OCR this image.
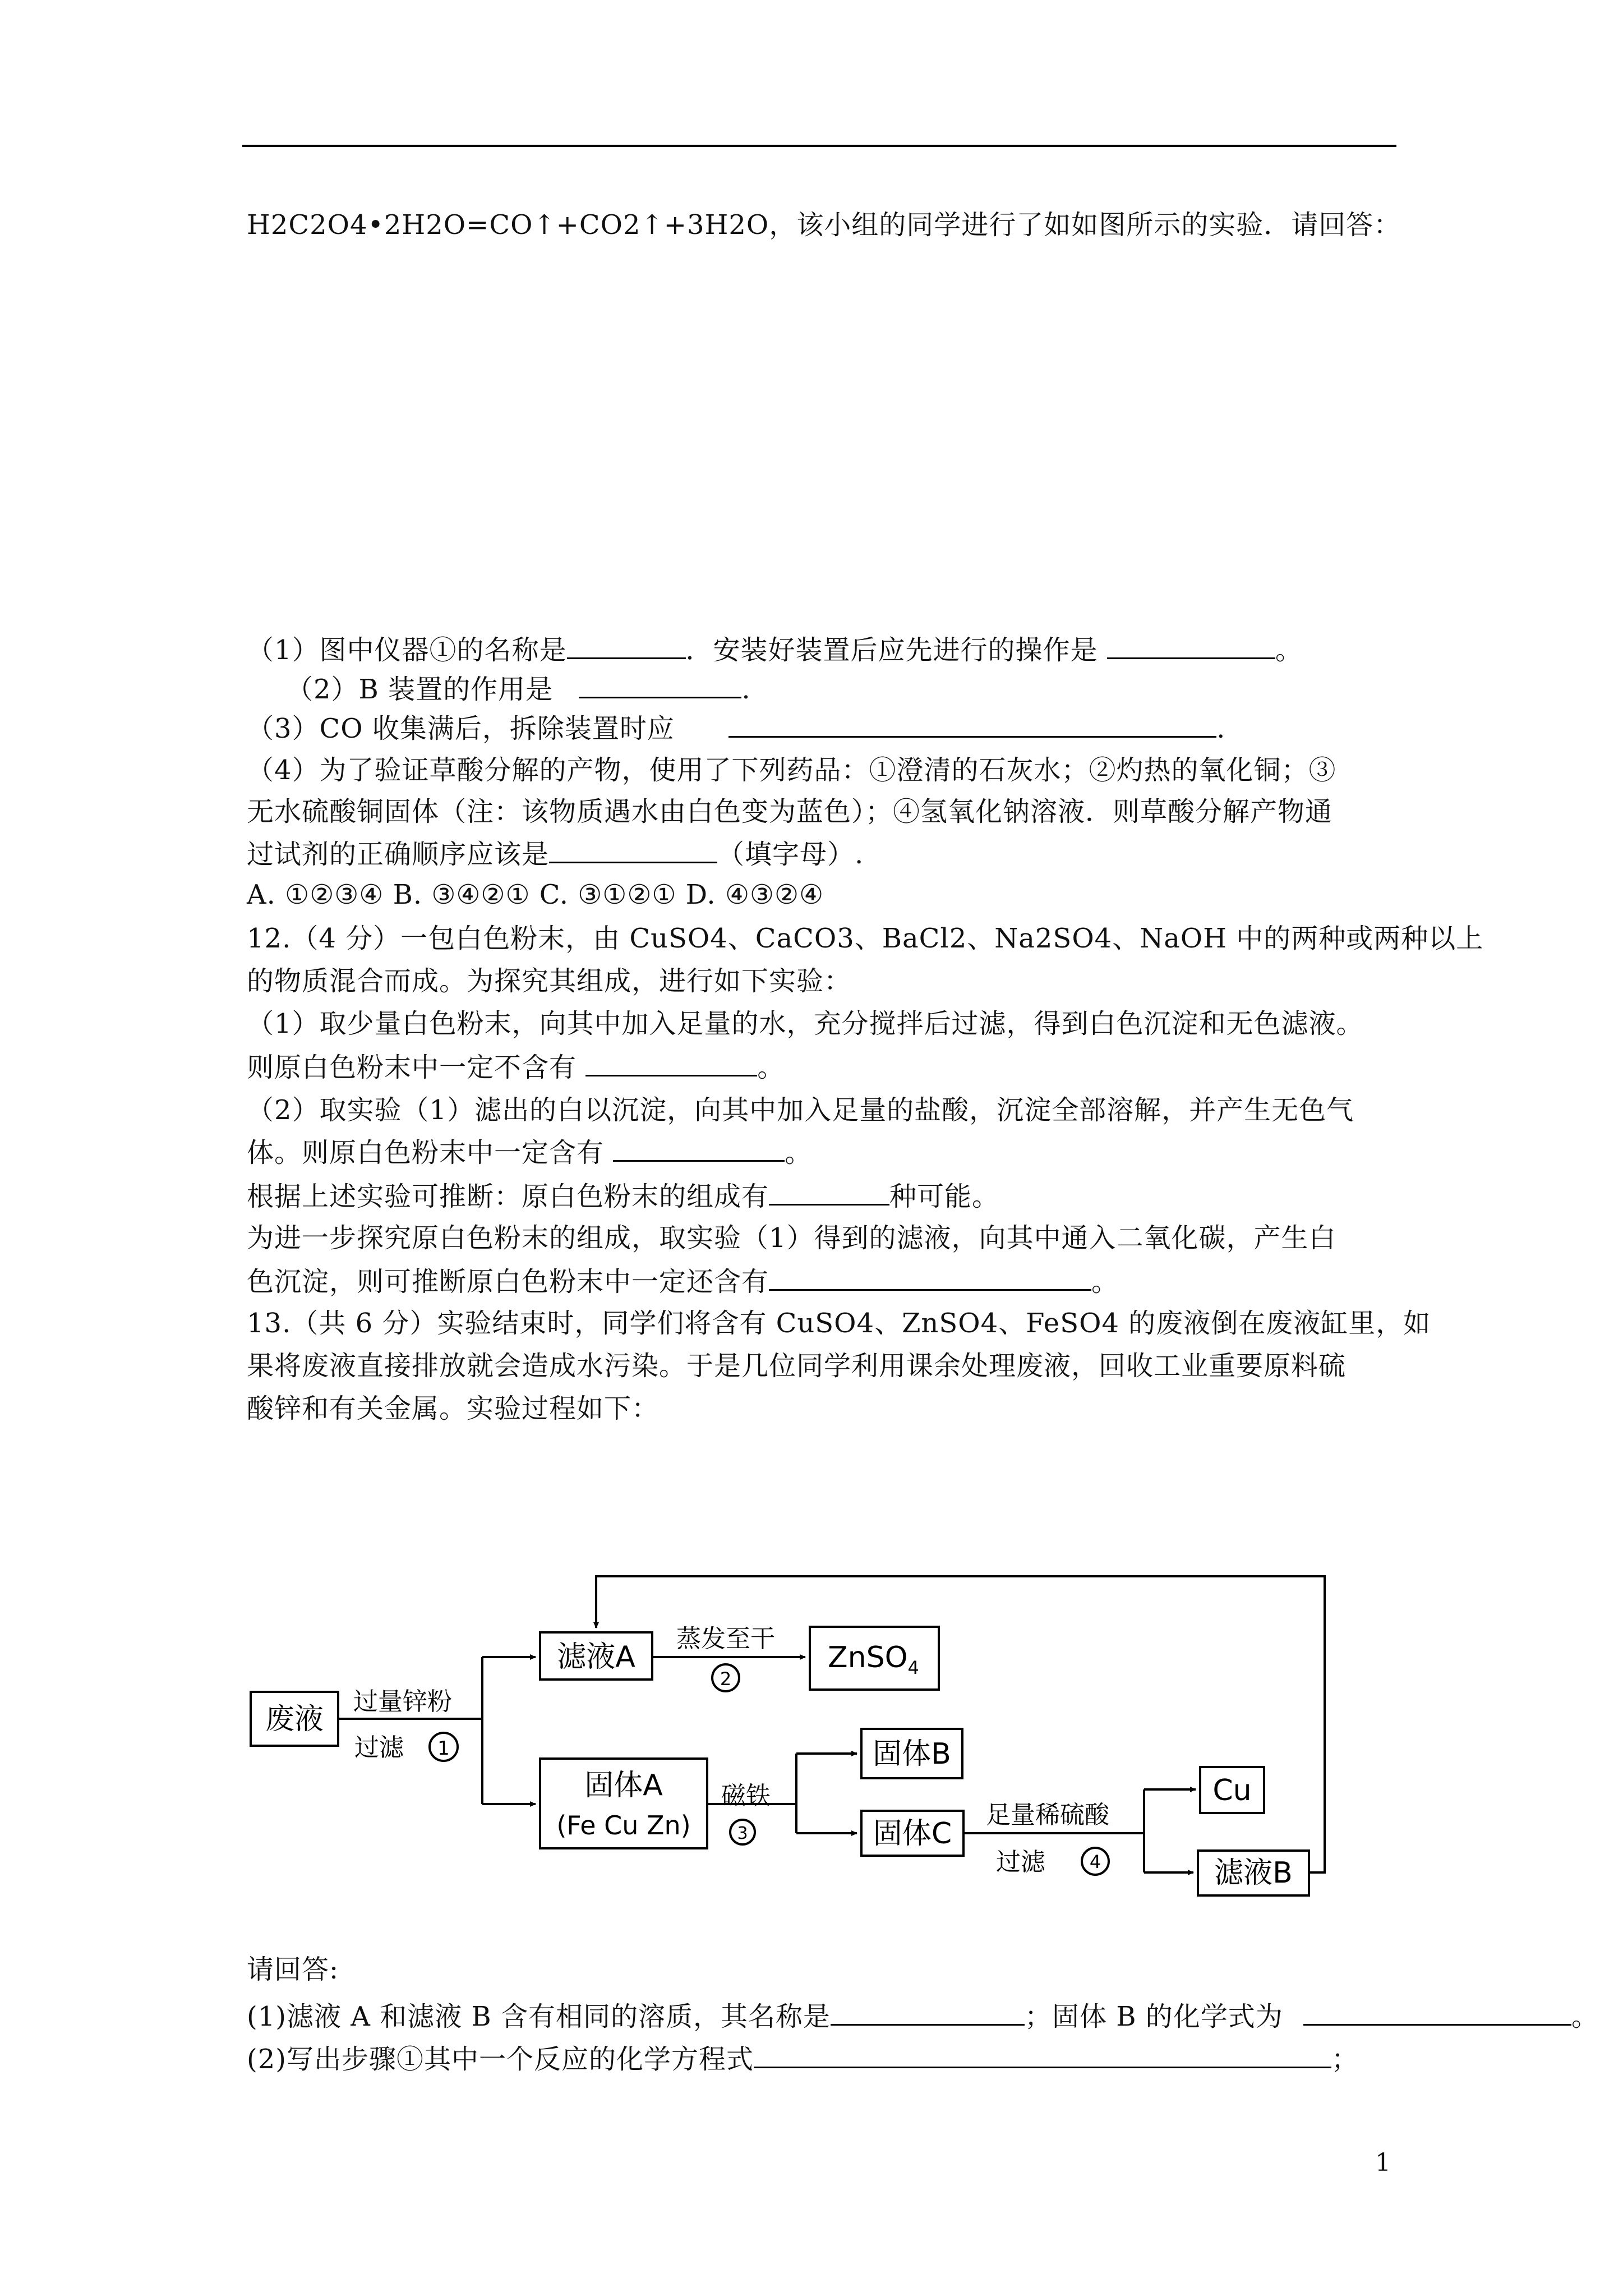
H2C2O4•2H2O=CO↑+CO2↑+3H2O，该小组的同学进行了如如图所示的实验．请回答：
（1）图中仪器①的名称是	．安装好装置后应先进行的操作是	。
（2）B 装置的作用是	.
（3）CO 收集满后，拆除装置时应	.
（4）为了验证草酸分解的产物，使用了下列药品：①澄清的石灰水；②灼热的氧化铜；③
无水硫酸铜固体（注：该物质遇水由白色变为蓝色）；④氢氧化钠溶液．则草酸分解产物通
过试剂的正确顺序应该是	（填字母）.
A. ①②③④ B. ③④②① C. ③①②① D. ④③②④
12.（4 分）一包白色粉末，由 CuSO4、CaCO3、BaCl2、Na2SO4、NaOH 中的两种或两种以上
的物质混合而成。为探究其组成，进行如下实验：
（1）取少量白色粉末，向其中加入足量的水，充分搅拌后过滤，得到白色沉淀和无色滤液。
则原白色粉末中一定不含有	。
（2）取实验（1）滤出的白以沉淀，向其中加入足量的盐酸，沉淀全部溶解，并产生无色气
体。则原白色粉末中一定含有	。
根据上述实验可推断：原白色粉末的组成有	种可能。
为进一步探究原白色粉末的组成，取实验（1）得到的滤液，向其中通入二氧化碳，产生白
色沉淀，则可推断原白色粉末中一定还含有	。
13.（共 6 分）实验结束时，同学们将含有 CuSO4、ZnSO4、FeSO4 的废液倒在废液缸里，如
果将废液直接排放就会造成水污染。于是几位同学利用课余处理废液，回收工业重要原料硫
酸锌和有关金属。实验过程如下：
废液
过量锌粉
过滤 1
滤液A
蒸发至干
2
ZnSO$_4$
固体A
(Fe Cu Zn)
磁铁
3
固体B
固体C
足量稀硫酸
过滤 4
Cu
滤液B
请回答:
(1)滤液 A 和滤液 B 含有相同的溶质，其名称是	；固体 B 的化学式为	。
(2)写出步骤①其中一个反应的化学方程式	；
1
